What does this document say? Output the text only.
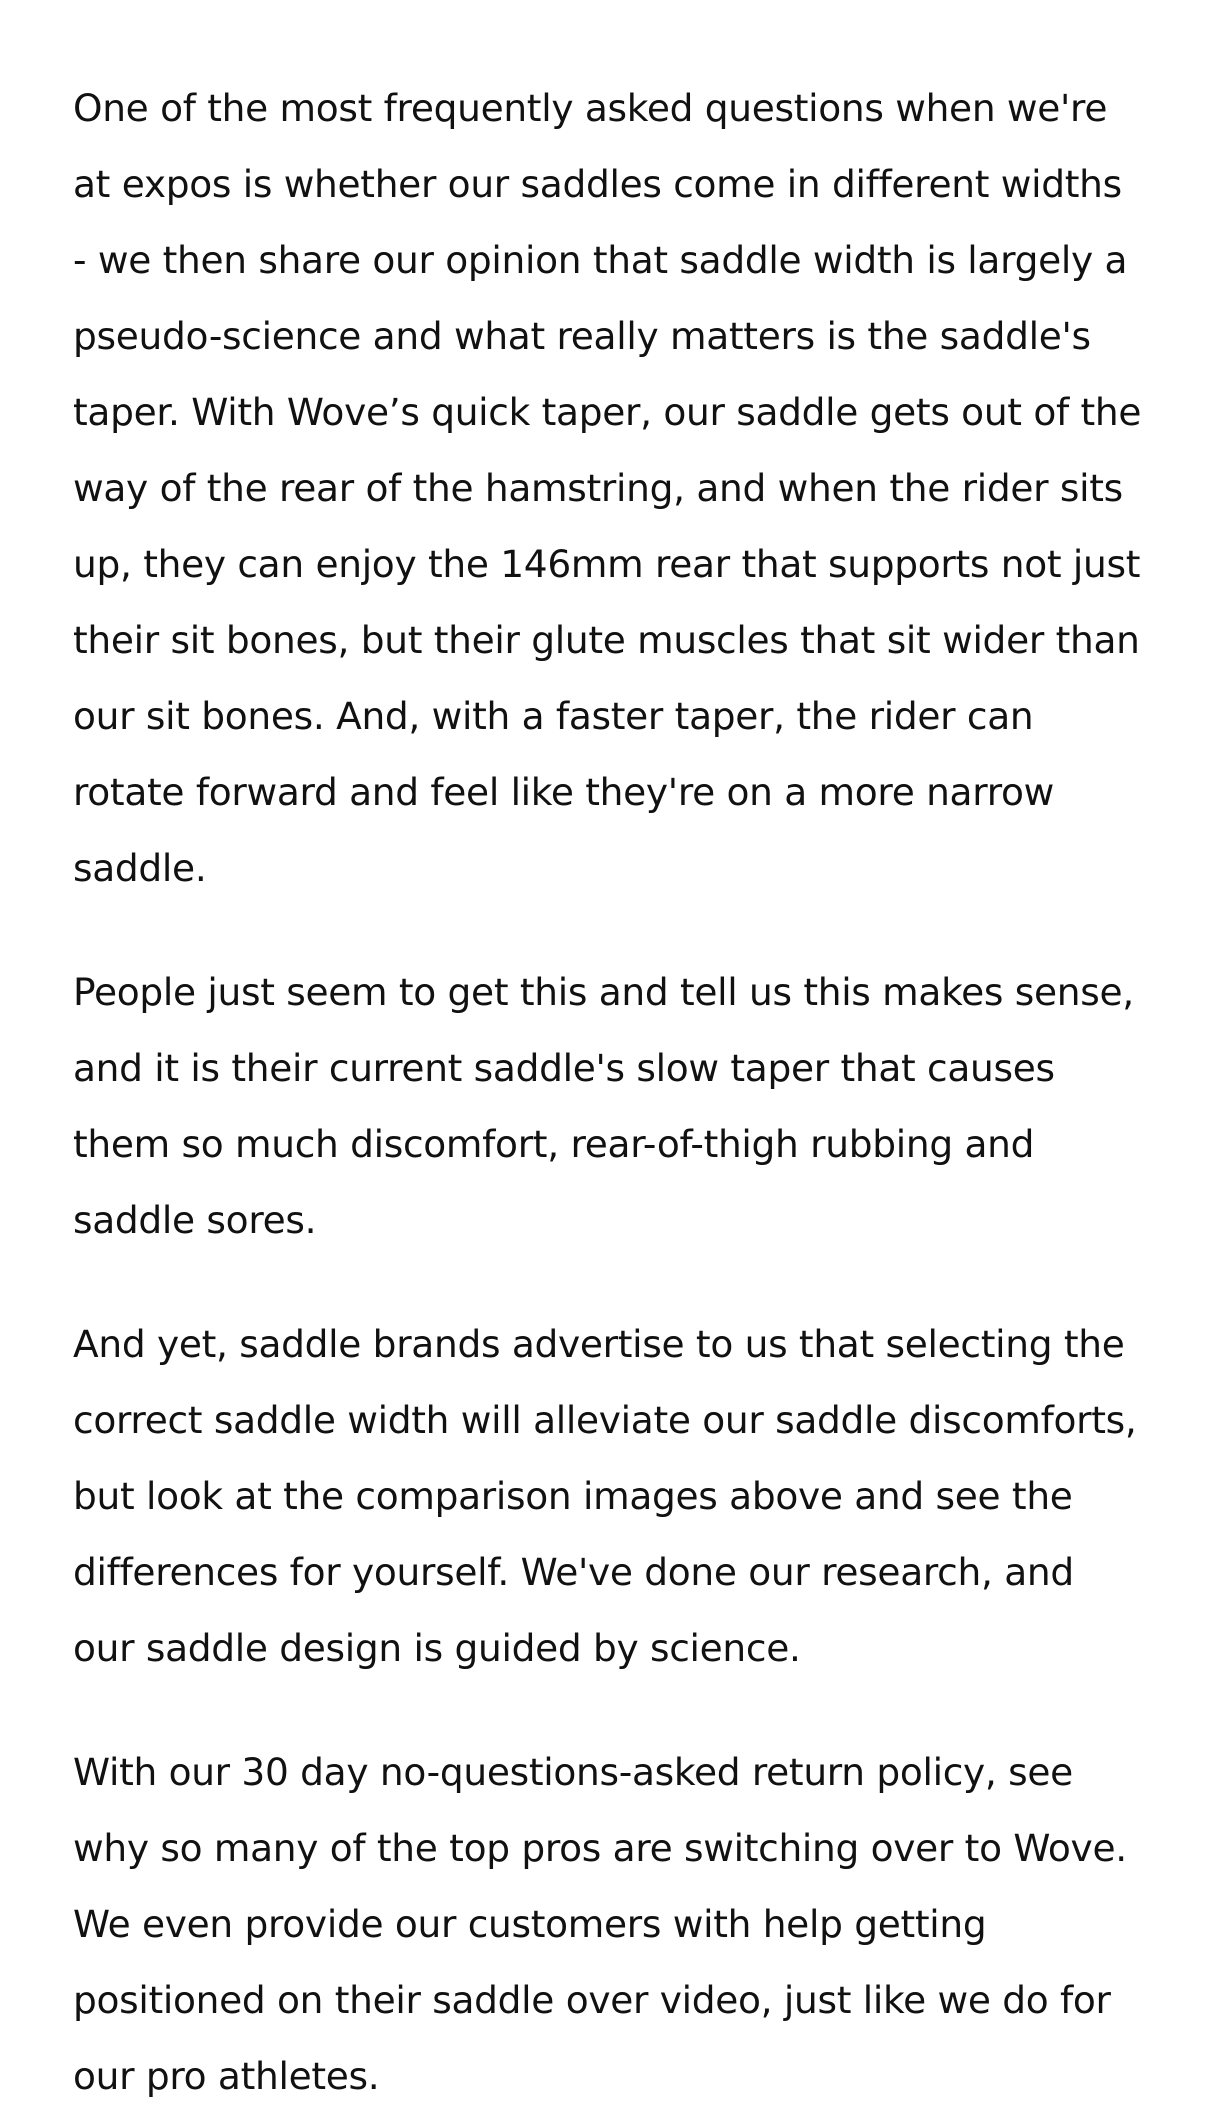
One of the most frequently asked questions when we're at expos is whether our saddles come in different widths - we then share our opinion that saddle width is largely a pseudo-science and what really matters is the saddle's taper. With Wove’s quick taper, our saddle gets out of the way of the rear of the hamstring, and when the rider sits up, they can enjoy the 146mm rear that supports not just their sit bones, but their glute muscles that sit wider than our sit bones. And, with a faster taper, the rider can rotate forward and feel like they're on a more narrow saddle.

People just seem to get this and tell us this makes sense, and it is their current saddle's slow taper that causes them so much discomfort, rear-of-thigh rubbing and saddle sores.

And yet, saddle brands advertise to us that selecting the correct saddle width will alleviate our saddle discomforts, but look at the comparison images above and see the differences for yourself. We've done our research, and our saddle design is guided by science.

With our 30 day no-questions-asked return policy, see why so many of the top pros are switching over to Wove. We even provide our customers with help getting positioned on their saddle over video, just like we do for our pro athletes.
